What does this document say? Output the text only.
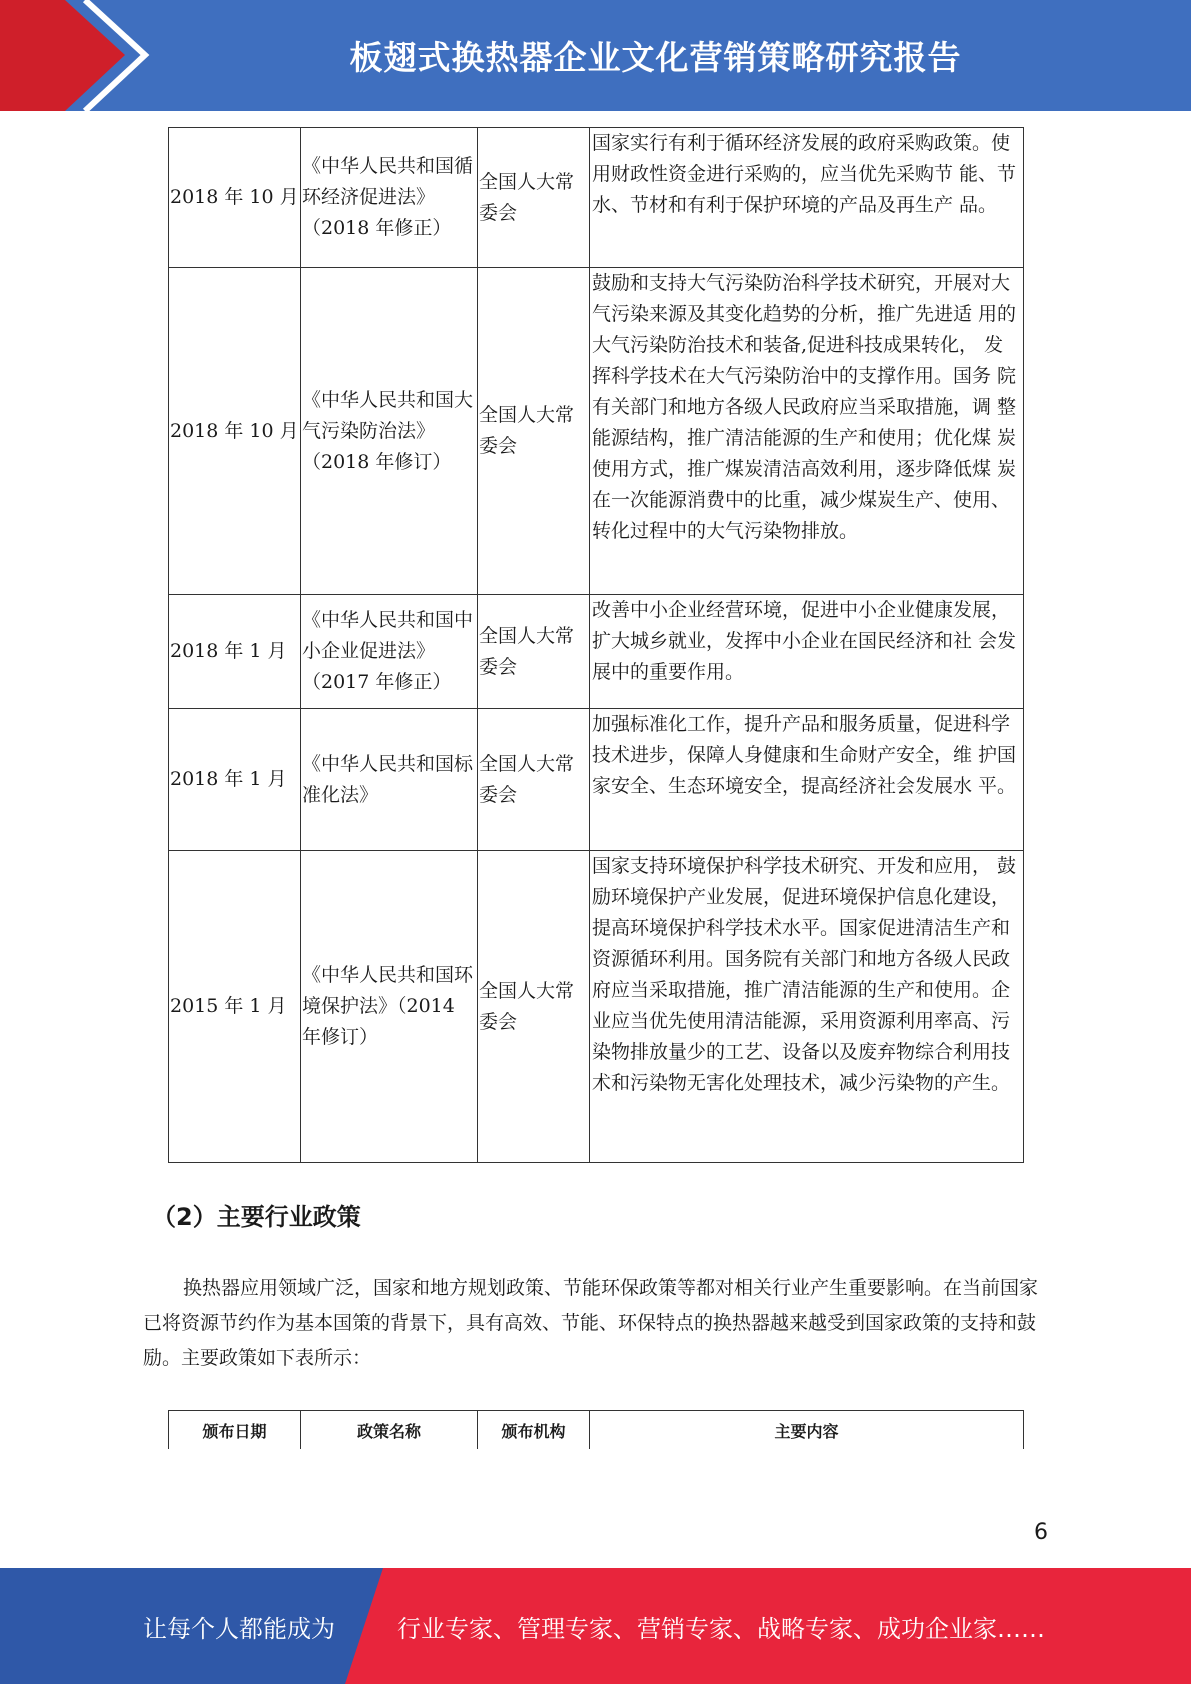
板翅式换热器企业文化营销策略研究报告
2018 年 10 月	《中华人民共和国循环经济促进法》（2018 年修正）	全国人大常委会	国家实行有利于循环经济发展的政府采购政策。使用财政性资金进行采购的，应当优先采购节 能、节水、节材和有利于保护环境的产品及再生产 品。
2018 年 10 月	《中华人民共和国大气污染防治法》（2018 年修订）	全国人大常委会	鼓励和支持大气污染防治科学技术研究，开展对大气污染来源及其变化趋势的分析，推广先进适 用的大气污染防治技术和装备,促进科技成果转化， 发挥科学技术在大气污染防治中的支撑作用。国务 院有关部门和地方各级人民政府应当采取措施，调 整能源结构，推广清洁能源的生产和使用；优化煤 炭使用方式，推广煤炭清洁高效利用，逐步降低煤 炭在一次能源消费中的比重，减少煤炭生产、使用、 转化过程中的大气污染物排放。
2018 年 1 月	《中华人民共和国中小企业促进法》（2017 年修正）	全国人大常委会	改善中小企业经营环境，促进中小企业健康发展，扩大城乡就业，发挥中小企业在国民经济和社 会发展中的重要作用。
2018 年 1 月	《中华人民共和国标准化法》	全国人大常委会	加强标准化工作，提升产品和服务质量，促进科学技术进步，保障人身健康和生命财产安全，维 护国家安全、生态环境安全，提高经济社会发展水 平。
2015 年 1 月	《中华人民共和国环境保护法》（2014 年修订）	全国人大常委会	国家支持环境保护科学技术研究、开发和应用， 鼓励环境保护产业发展，促进环境保护信息化建设， 提高环境保护科学技术水平。国家促进清洁生产和 资源循环利用。国务院有关部门和地方各级人民政 府应当采取措施，推广清洁能源的生产和使用。企 业应当优先使用清洁能源，采用资源利用率高、污染物排放量少的工艺、设备以及废弃物综合利用技 术和污染物无害化处理技术，减少污染物的产生。
（2）主要行业政策
换热器应用领域广泛，国家和地方规划政策、节能环保政策等都对相关行业产生重要影响。在当前国家已将资源节约作为基本国策的背景下，具有高效、节能、环保特点的换热器越来越受到国家政策的支持和鼓励。主要政策如下表所示：
颁布日期	政策名称	颁布机构	主要内容
6
让每个人都能成为	行业专家、管理专家、营销专家、战略专家、成功企业家……
